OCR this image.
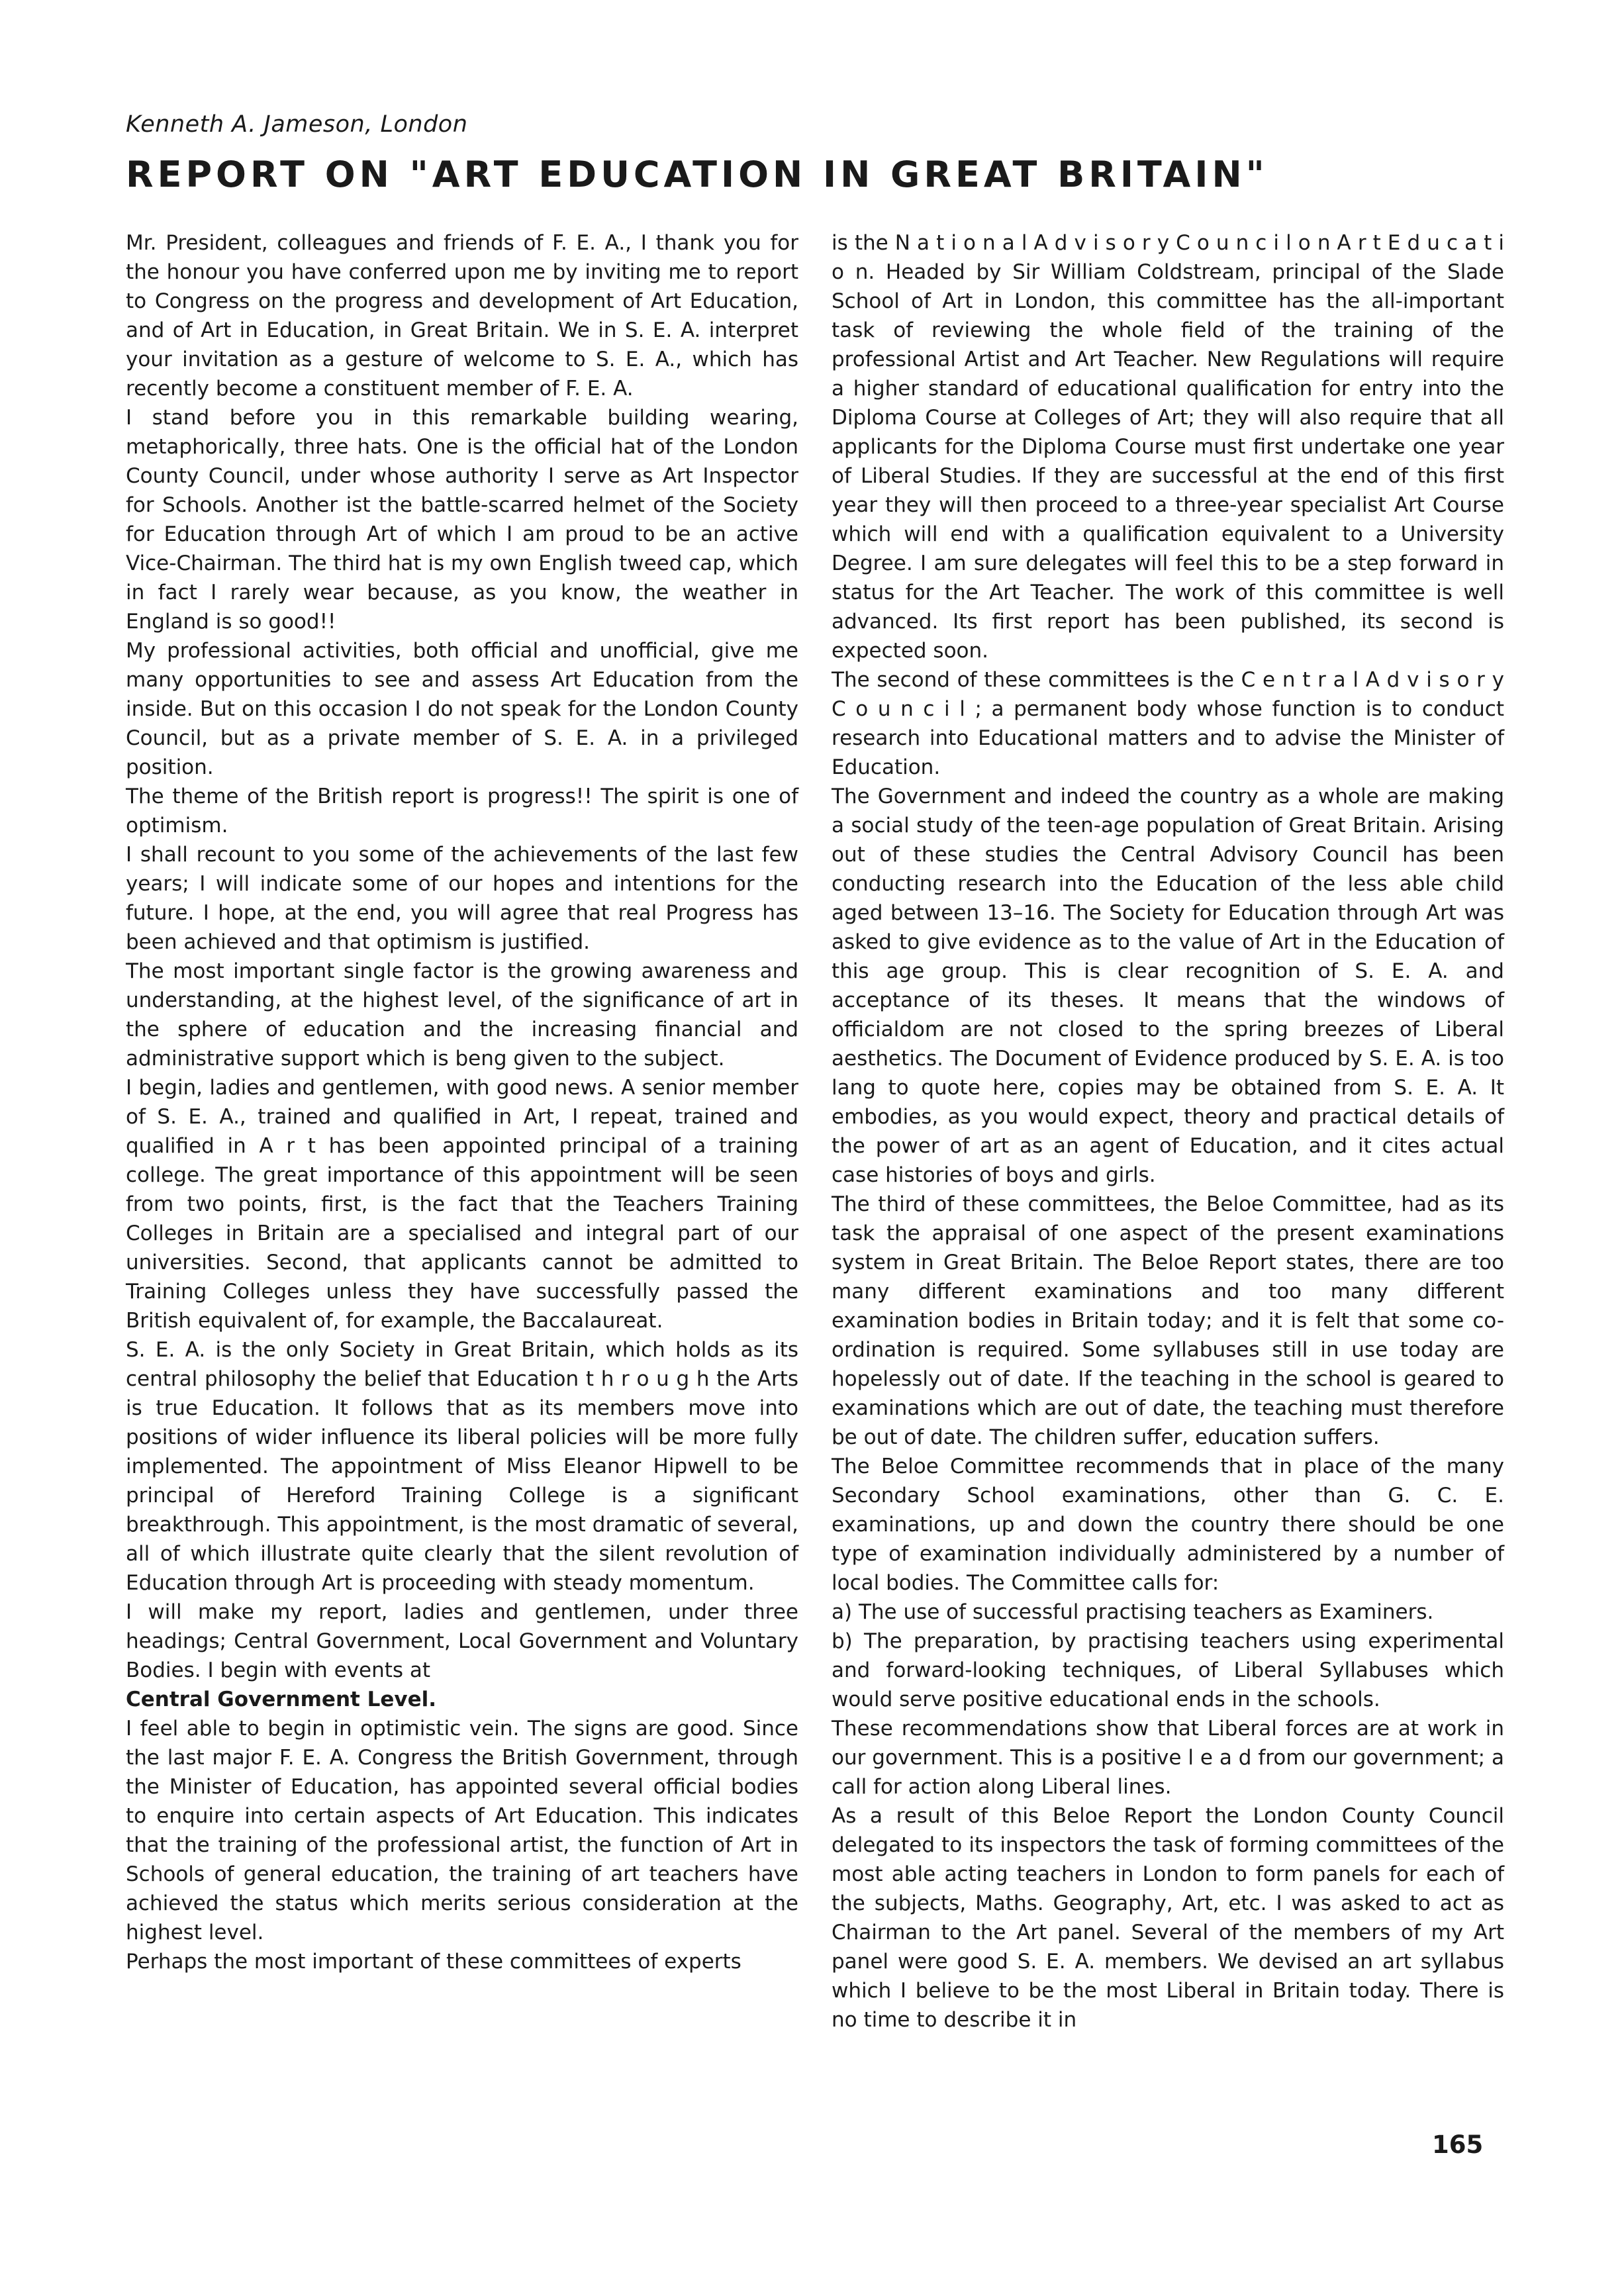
Kenneth A. Jameson, London
REPORT ON "ART EDUCATION IN GREAT BRITAIN"

Mr. President, colleagues and friends of F. E. A., I thank you for the honour you have conferred upon me by inviting me to report to Congress on the progress and development of Art Education, and of Art in Education, in Great Britain. We in S. E. A. interpret your invitation as a gesture of welcome to S. E. A., which has recently become a constituent member of F. E. A.

I stand before you in this remarkable building wearing, metaphorically, three hats. One is the official hat of the London County Council, under whose authority I serve as Art Inspector for Schools. Another ist the battle-scarred helmet of the Society for Education through Art of which I am proud to be an active Vice-Chairman. The third hat is my own English tweed cap, which in fact I rarely wear because, as you know, the weather in England is so good!!

My professional activities, both official and unofficial, give me many opportunities to see and assess Art Education from the inside. But on this occasion I do not speak for the London County Council, but as a private member of S. E. A. in a privileged position.

The theme of the British report is progress!! The spirit is one of optimism.

I shall recount to you some of the achievements of the last few years; I will indicate some of our hopes and intentions for the future. I hope, at the end, you will agree that real Progress has been achieved and that optimism is justified.

The most important single factor is the growing awareness and understanding, at the highest level, of the significance of art in the sphere of education and the increasing financial and administrative support which is beng given to the subject.

I begin, ladies and gentlemen, with good news. A senior member of S. E. A., trained and qualified in Art, I repeat, trained and qualified in A r t has been appointed principal of a training college. The great importance of this appointment will be seen from two points, first, is the fact that the Teachers Training Colleges in Britain are a specialised and integral part of our universities. Second, that applicants cannot be admitted to Training Colleges unless they have successfully passed the British equivalent of, for example, the Baccalaureat.

S. E. A. is the only Society in Great Britain, which holds as its central philosophy the belief that Education t h r o u g h the Arts is true Education. It follows that as its members move into positions of wider influence its liberal policies will be more fully implemented. The appointment of Miss Eleanor Hipwell to be principal of Hereford Training College is a significant breakthrough. This appointment, is the most dramatic of several, all of which illustrate quite clearly that the silent revolution of Education through Art is proceeding with steady momentum.

I will make my report, ladies and gentlemen, under three headings; Central Government, Local Government and Voluntary Bodies. I begin with events at

Central Government Level.

I feel able to begin in optimistic vein. The signs are good. Since the last major F. E. A. Congress the British Government, through the Minister of Education, has appointed several official bodies to enquire into certain aspects of Art Education. This indicates that the training of the professional artist, the function of Art in Schools of general education, the training of art teachers have achieved the status which merits serious consideration at the highest level.

Perhaps the most important of these committees of experts

is the N a t i o n a l A d v i s o r y C o u n c i l o n A r t E d u c a t i o n. Headed by Sir William Coldstream, principal of the Slade School of Art in London, this committee has the all-important task of reviewing the whole field of the training of the professional Artist and Art Teacher. New Regulations will require a higher standard of educational qualification for entry into the Diploma Course at Colleges of Art; they will also require that all applicants for the Diploma Course must first undertake one year of Liberal Studies. If they are successful at the end of this first year they will then proceed to a three-year specialist Art Course which will end with a qualification equivalent to a University Degree. I am sure delegates will feel this to be a step forward in status for the Art Teacher. The work of this committee is well advanced. Its first report has been published, its second is expected soon.

The second of these committees is the C e n t r a l A d v i s o r y C o u n c i l ; a permanent body whose function is to conduct research into Educational matters and to advise the Minister of Education.

The Government and indeed the country as a whole are making a social study of the teen-age population of Great Britain. Arising out of these studies the Central Advisory Council has been conducting research into the Education of the less able child aged between 13–16. The Society for Education through Art was asked to give evidence as to the value of Art in the Education of this age group. This is clear recognition of S. E. A. and acceptance of its theses. It means that the windows of officialdom are not closed to the spring breezes of Liberal aesthetics. The Document of Evidence produced by S. E. A. is too lang to quote here, copies may be obtained from S. E. A. It embodies, as you would expect, theory and practical details of the power of art as an agent of Education, and it cites actual case histories of boys and girls.

The third of these committees, the Beloe Committee, had as its task the appraisal of one aspect of the present examinations system in Great Britain. The Beloe Report states, there are too many different examinations and too many different examination bodies in Britain today; and it is felt that some co-ordination is required. Some syllabuses still in use today are hopelessly out of date. If the teaching in the school is geared to examinations which are out of date, the teaching must therefore be out of date. The children suffer, education suffers.

The Beloe Committee recommends that in place of the many Secondary School examinations, other than G. C. E. examinations, up and down the country there should be one type of examination individually administered by a number of local bodies. The Committee calls for:

a) The use of successful practising teachers as Examiners.

b) The preparation, by practising teachers using experimental and forward-looking techniques, of Liberal Syllabuses which would serve positive educational ends in the schools.

These recommendations show that Liberal forces are at work in our government. This is a positive l e a d from our government; a call for action along Liberal lines.

As a result of this Beloe Report the London County Council delegated to its inspectors the task of forming committees of the most able acting teachers in London to form panels for each of the subjects, Maths. Geography, Art, etc. I was asked to act as Chairman to the Art panel. Several of the members of my Art panel were good S. E. A. members. We devised an art syllabus which I believe to be the most Liberal in Britain today. There is no time to describe it in

165
